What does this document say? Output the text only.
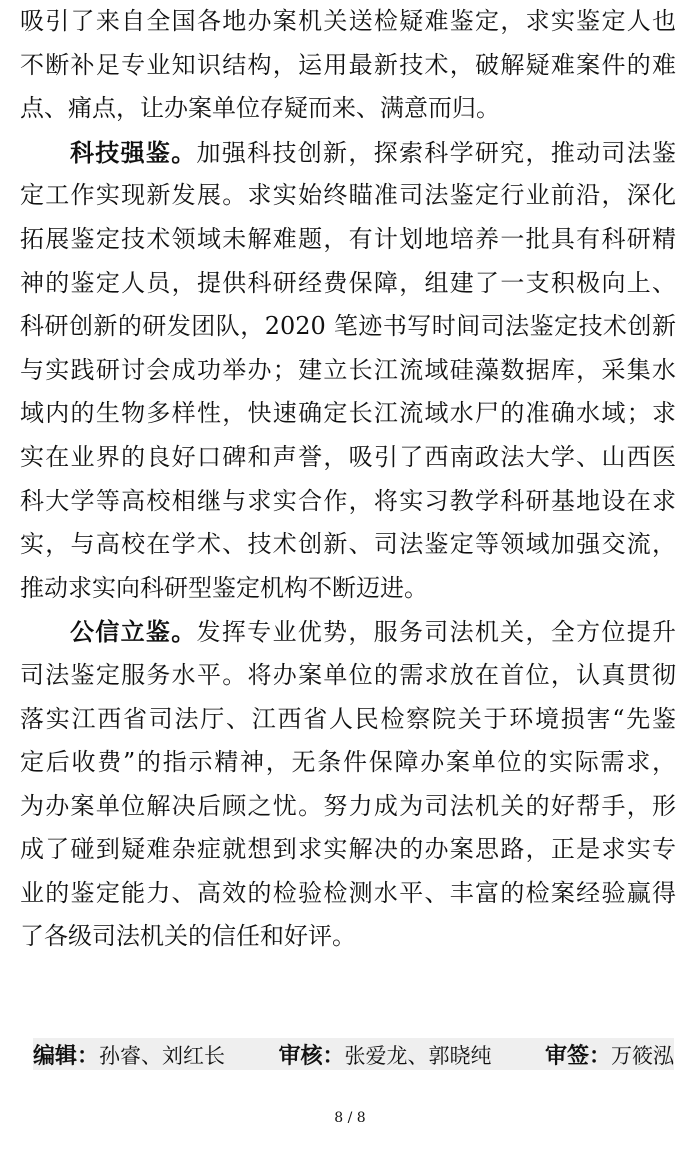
吸引了来自全国各地办案机关送检疑难鉴定，求实鉴定人也
不断补足专业知识结构，运用最新技术，破解疑难案件的难
点、痛点，让办案单位存疑而来、满意而归。
科技强鉴。加强科技创新，探索科学研究，推动司法鉴
定工作实现新发展。求实始终瞄准司法鉴定行业前沿，深化
拓展鉴定技术领域未解难题，有计划地培养一批具有科研精
神的鉴定人员，提供科研经费保障，组建了一支积极向上、
科研创新的研发团队，2020 笔迹书写时间司法鉴定技术创新
与实践研讨会成功举办；建立长江流域硅藻数据库，采集水
域内的生物多样性，快速确定长江流域水尸的准确水域；求
实在业界的良好口碑和声誉，吸引了西南政法大学、山西医
科大学等高校相继与求实合作，将实习教学科研基地设在求
实，与高校在学术、技术创新、司法鉴定等领域加强交流，
推动求实向科研型鉴定机构不断迈进。
公信立鉴。发挥专业优势，服务司法机关，全方位提升
司法鉴定服务水平。将办案单位的需求放在首位，认真贯彻
落实江西省司法厅、江西省人民检察院关于环境损害“先鉴
定后收费”的指示精神，无条件保障办案单位的实际需求，
为办案单位解决后顾之忧。努力成为司法机关的好帮手，形
成了碰到疑难杂症就想到求实解决的办案思路，正是求实专
业的鉴定能力、高效的检验检测水平、丰富的检案经验赢得
了各级司法机关的信任和好评。
编辑：孙睿、刘红长 审核：张爱龙、郭晓纯 审签：万筱泓
8 / 8
